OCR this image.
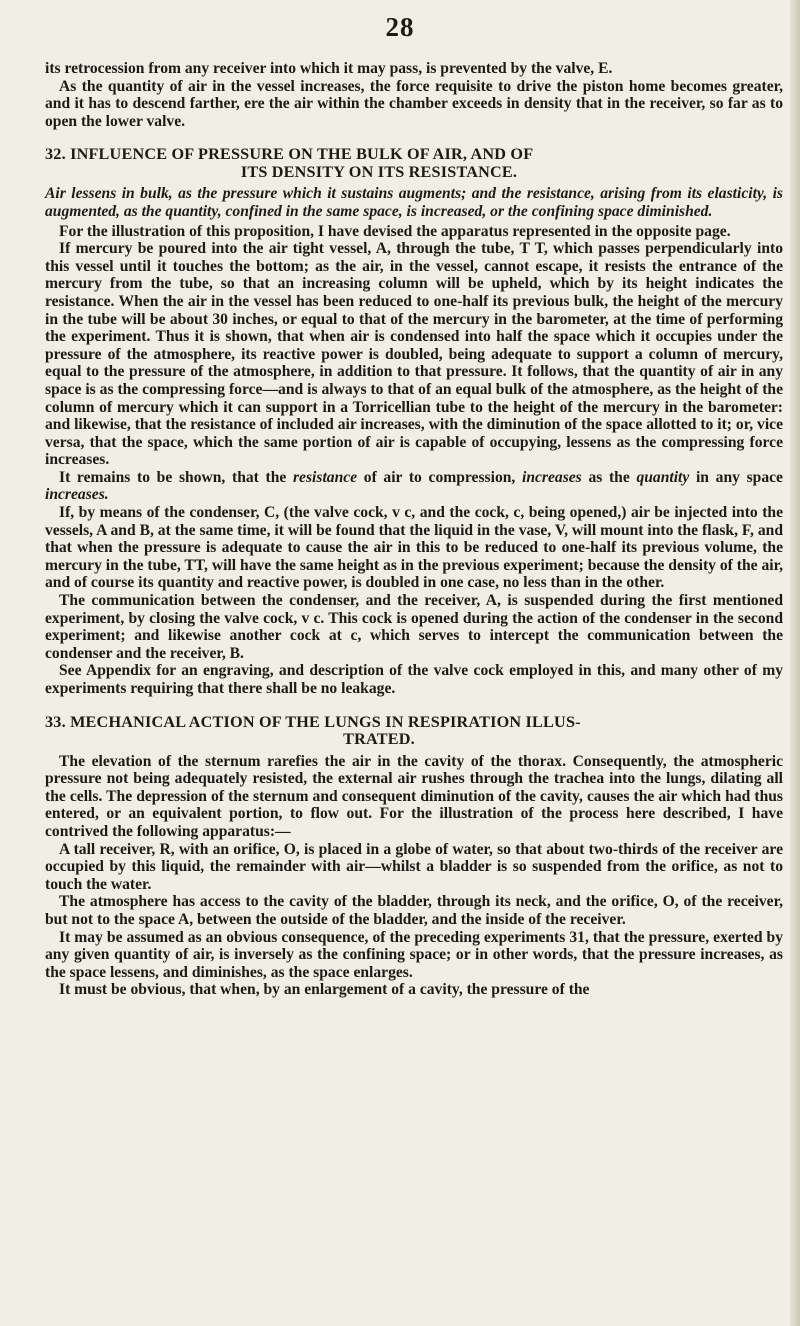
28

its retrocession from any receiver into which it may pass, is prevented by the valve, E.

As the quantity of air in the vessel increases, the force requisite to drive the piston home becomes greater, and it has to descend farther, ere the air within the chamber exceeds in density that in the receiver, so far as to open the lower valve.

32. INFLUENCE OF PRESSURE ON THE BULK OF AIR, AND OF
ITS DENSITY ON ITS RESISTANCE.

Air lessens in bulk, as the pressure which it sustains augments; and the resistance, arising from its elasticity, is augmented, as the quantity, confined in the same space, is increased, or the confining space diminished.

For the illustration of this proposition, I have devised the apparatus represented in the opposite page.

If mercury be poured into the air tight vessel, A, through the tube, T T, which passes perpendicularly into this vessel until it touches the bottom; as the air, in the vessel, cannot escape, it resists the entrance of the mercury from the tube, so that an increasing column will be upheld, which by its height indicates the resistance. When the air in the vessel has been reduced to one-half its previous bulk, the height of the mercury in the tube will be about 30 inches, or equal to that of the mercury in the barometer, at the time of performing the experiment. Thus it is shown, that when air is condensed into half the space which it occupies under the pressure of the atmosphere, its reactive power is doubled, being adequate to support a column of mercury, equal to the pressure of the atmosphere, in addition to that pressure. It follows, that the quantity of air in any space is as the compressing force—and is always to that of an equal bulk of the atmosphere, as the height of the column of mercury which it can support in a Torricellian tube to the height of the mercury in the barometer: and likewise, that the resistance of included air increases, with the diminution of the space allotted to it; or, vice versa, that the space, which the same portion of air is capable of occupying, lessens as the compressing force increases.

It remains to be shown, that the resistance of air to compression, increases as the quantity in any space increases.

If, by means of the condenser, C, (the valve cock, v c, and the cock, c, being opened,) air be injected into the vessels, A and B, at the same time, it will be found that the liquid in the vase, V, will mount into the flask, F, and that when the pressure is adequate to cause the air in this to be reduced to one-half its previous volume, the mercury in the tube, TT, will have the same height as in the previous experiment; because the density of the air, and of course its quantity and reactive power, is doubled in one case, no less than in the other.

The communication between the condenser, and the receiver, A, is suspended during the first mentioned experiment, by closing the valve cock, v c. This cock is opened during the action of the condenser in the second experiment; and likewise another cock at c, which serves to intercept the communication between the condenser and the receiver, B.

See Appendix for an engraving, and description of the valve cock employed in this, and many other of my experiments requiring that there shall be no leakage.

33. MECHANICAL ACTION OF THE LUNGS IN RESPIRATION ILLUS-
TRATED.

The elevation of the sternum rarefies the air in the cavity of the thorax. Consequently, the atmospheric pressure not being adequately resisted, the external air rushes through the trachea into the lungs, dilating all the cells. The depression of the sternum and consequent diminution of the cavity, causes the air which had thus entered, or an equivalent portion, to flow out. For the illustration of the process here described, I have contrived the following apparatus:—

A tall receiver, R, with an orifice, O, is placed in a globe of water, so that about two-thirds of the receiver are occupied by this liquid, the remainder with air—whilst a bladder is so suspended from the orifice, as not to touch the water.

The atmosphere has access to the cavity of the bladder, through its neck, and the orifice, O, of the receiver, but not to the space A, between the outside of the bladder, and the inside of the receiver.

It may be assumed as an obvious consequence, of the preceding experiments 31, that the pressure, exerted by any given quantity of air, is inversely as the confining space; or in other words, that the pressure increases, as the space lessens, and diminishes, as the space enlarges.

It must be obvious, that when, by an enlargement of a cavity, the pressure of the
